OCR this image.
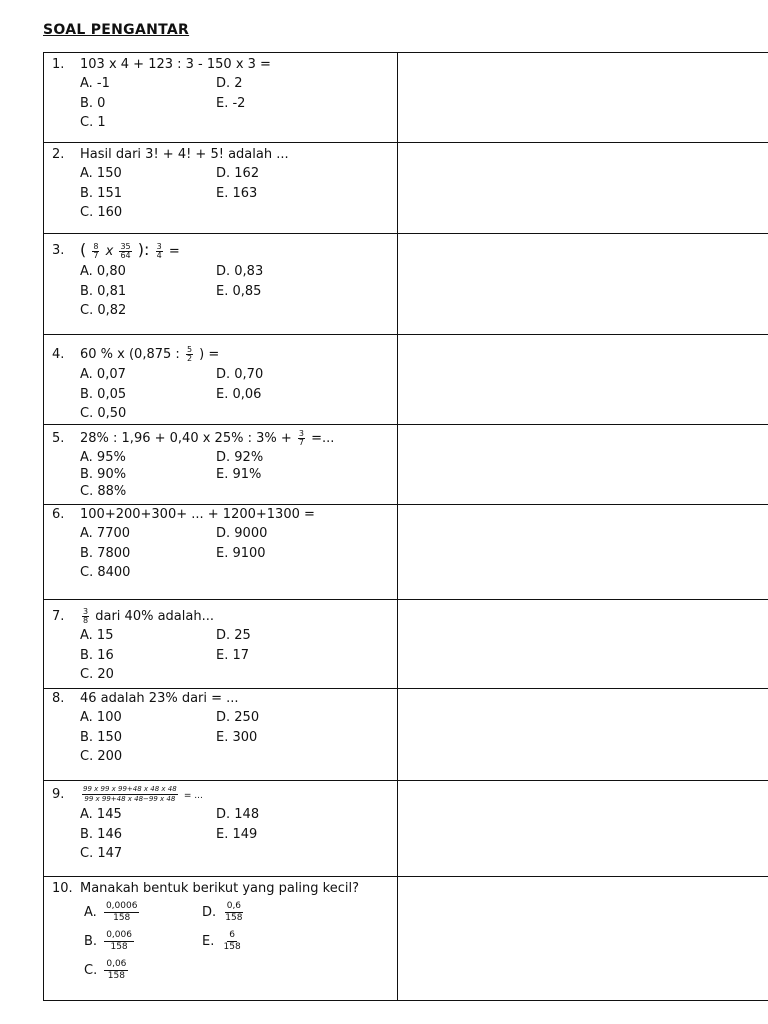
SOAL PENGANTAR
1.	103 x 4 + 123 : 3 - 150 x 3 =
A. -1	D. 2
B. 0	E. -2
C. 1
2.	Hasil dari 3! + 4! + 5! adalah ...
A. 150	D. 162
B. 151	E. 163
C. 160
3. ( $\frac{8}{7}$ x $\frac{35}{64}$ ): $\frac{3}{4}$ =
A. 0,80	D. 0,83
B. 0,81	E. 0,85
C. 0,82
4.	60 % x (0,875 : $\frac{5}{2}$ ) =
A. 0,07	D. 0,70
B. 0,05	E. 0,06
C. 0,50
5.	28% : 1,96 + 0,40 x 25% : $3\% + \frac{3}{7}$ =...
A. 95%	D. 92%
B. 90%	E. 91%
C. 88%
6.	100+200+300+ ... + 1200+1300 =
A. 7700	D. 9000
B. 7800	E. 9100
C. 8400
7.	$\frac{3}{8}$ dari 40% adalah...
A. 15	D. 25
B. 16	E. 17
C. 20
8.	46 adalah 23% dari = ...
A. 100	D. 250
B. 150	E. 300
C. 200
9.	$\frac{99 x 99 x 99+48 x 48 x 48}{99 x 99+48 x 48-99 x 48}$ = ...
A. 145	D. 148
B. 146	E. 149
C. 147
10. Manakah bentuk berikut yang paling kecil?
A. $\frac{0,0006}{158}$	D. $\frac{0,6}{158}$
B. $\frac{0,006}{158}$	E. $\frac{6}{158}$
C. $\frac{0,06}{158}$
